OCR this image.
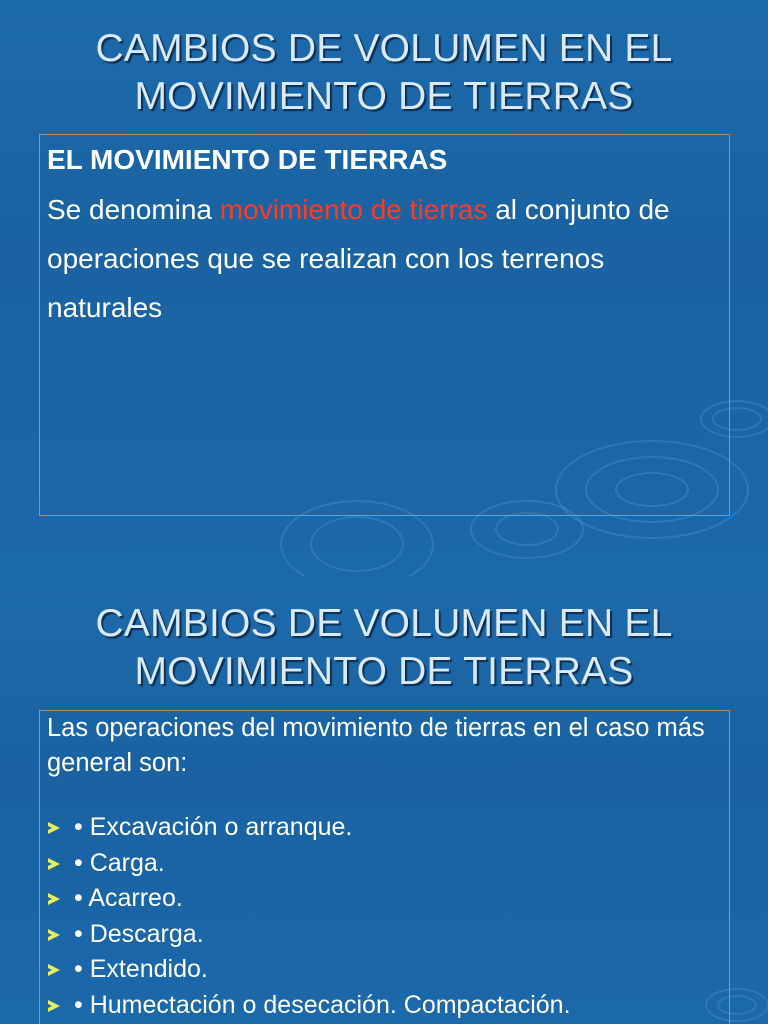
CAMBIOS DE VOLUMEN EN EL
MOVIMIENTO DE TIERRAS
EL MOVIMIENTO DE TIERRAS

Se denomina movimiento de tierras al conjunto de operaciones que se realizan con los terrenos naturales

CAMBIOS DE VOLUMEN EN EL
MOVIMIENTO DE TIERRAS

Las operaciones del movimiento de tierras en el caso más general son:

• Excavación o arranque.
• Carga.
• Acarreo.
• Descarga.
• Extendido.
• Humectación o desecación. Compactación.
